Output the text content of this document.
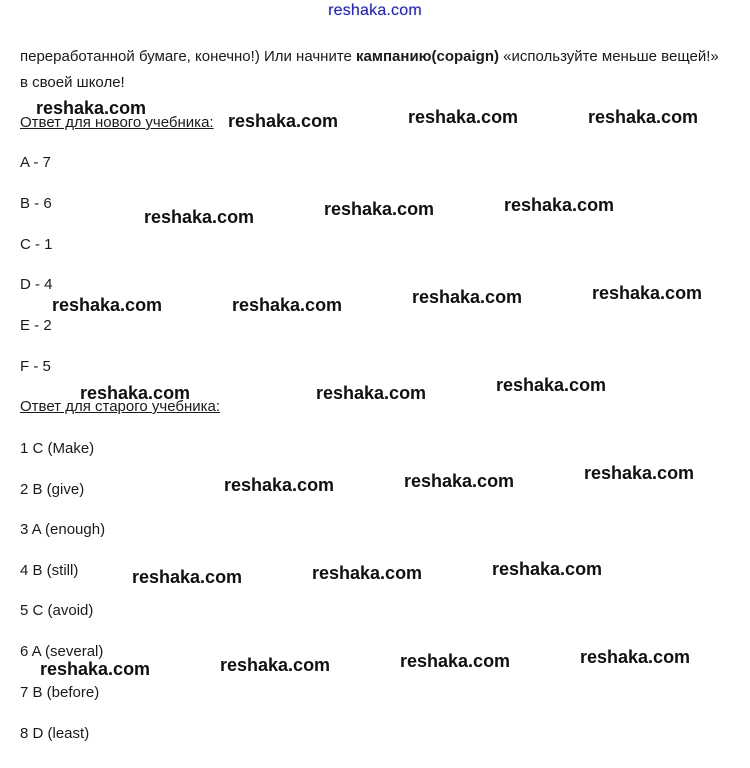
reshaka.com
переработанной бумаге, конечно!) Или начните кампанию(copaign) «используйте меньше вещей!» в своей школе!
Ответ для нового учебника:
A - 7
B - 6
C - 1
D - 4
E - 2
F - 5
Ответ для старого учебника:
1 C (Make)
2 B (give)
3 A (enough)
4 B (still)
5 C (avoid)
6 A (several)
7 B (before)
8 D (least)
reshaka.com
reshaka.com	reshaka.com	reshaka.com
reshaka.com	reshaka.com	reshaka.com
reshaka.com	reshaka.com	reshaka.com	reshaka.com
reshaka.com	reshaka.com	reshaka.com
reshaka.com	reshaka.com	reshaka.com
reshaka.com	reshaka.com	reshaka.com
reshaka.com	reshaka.com	reshaka.com	reshaka.com
